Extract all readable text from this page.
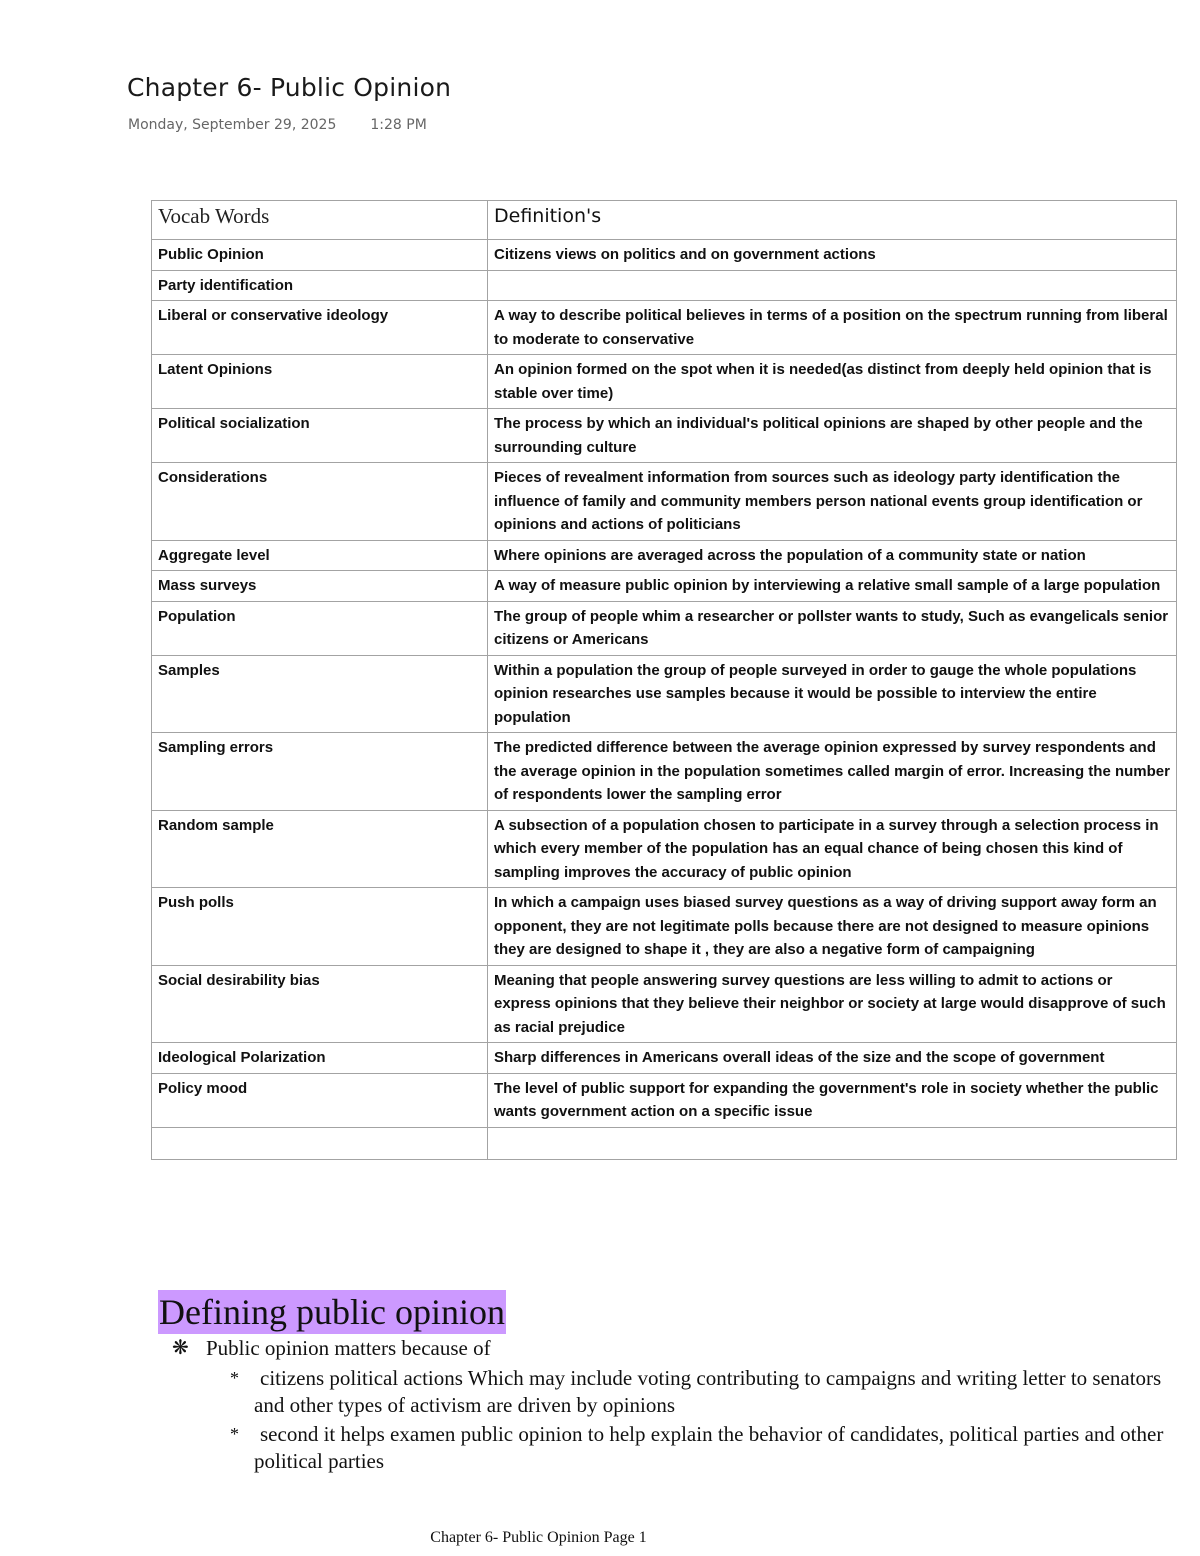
Chapter 6- Public Opinion
Monday, September 29, 2025 1:28 PM
Vocab Words	Definition's
Public Opinion	Citizens views on politics and on government actions
Party identification	
Liberal or conservative ideology	A way to describe political believes in terms of a position on the spectrum running from liberal to moderate to conservative
Latent Opinions	An opinion formed on the spot when it is needed(as distinct from deeply held opinion that is stable over time)
Political socialization	The process by which an individual's political opinions are shaped by other people and the surrounding culture
Considerations	Pieces of revealment information from sources such as ideology party identification the influence of family and community members person national events group identification or opinions and actions of politicians
Aggregate level	Where opinions are averaged across the population of a community state or nation
Mass surveys	A way of measure public opinion by interviewing a relative small sample of a large population
Population	The group of people whim a researcher or pollster wants to study, Such as evangelicals senior citizens or Americans
Samples	Within a population the group of people surveyed in order to gauge the whole populations opinion researches use samples because it would be possible to interview the entire population
Sampling errors	The predicted difference between the average opinion expressed by survey respondents and the average opinion in the population sometimes called margin of error. Increasing the number of respondents lower the sampling error
Random sample	A subsection of a population chosen to participate in a survey through a selection process in which every member of the population has an equal chance of being chosen this kind of sampling improves the accuracy of public opinion
Push polls	In which a campaign uses biased survey questions as a way of driving support away form an opponent, they are not legitimate polls because there are not designed to measure opinions they are designed to shape it , they are also a negative form of campaigning
Social desirability bias	Meaning that people answering survey questions are less willing to admit to actions or express opinions that they believe their neighbor or society at large would disapprove of such as racial prejudice
Ideological Polarization	Sharp differences in Americans overall ideas of the size and the scope of government
Policy mood	The level of public support for expanding the government's role in society whether the public wants government action on a specific issue

Defining public opinion
❋ Public opinion matters because of
* citizens political actions Which may include voting contributing to campaigns and writing letter to senators and other types of activism are driven by opinions
* second it helps examen public opinion to help explain the behavior of candidates, political parties and other political parties
Chapter 6- Public Opinion Page 1
